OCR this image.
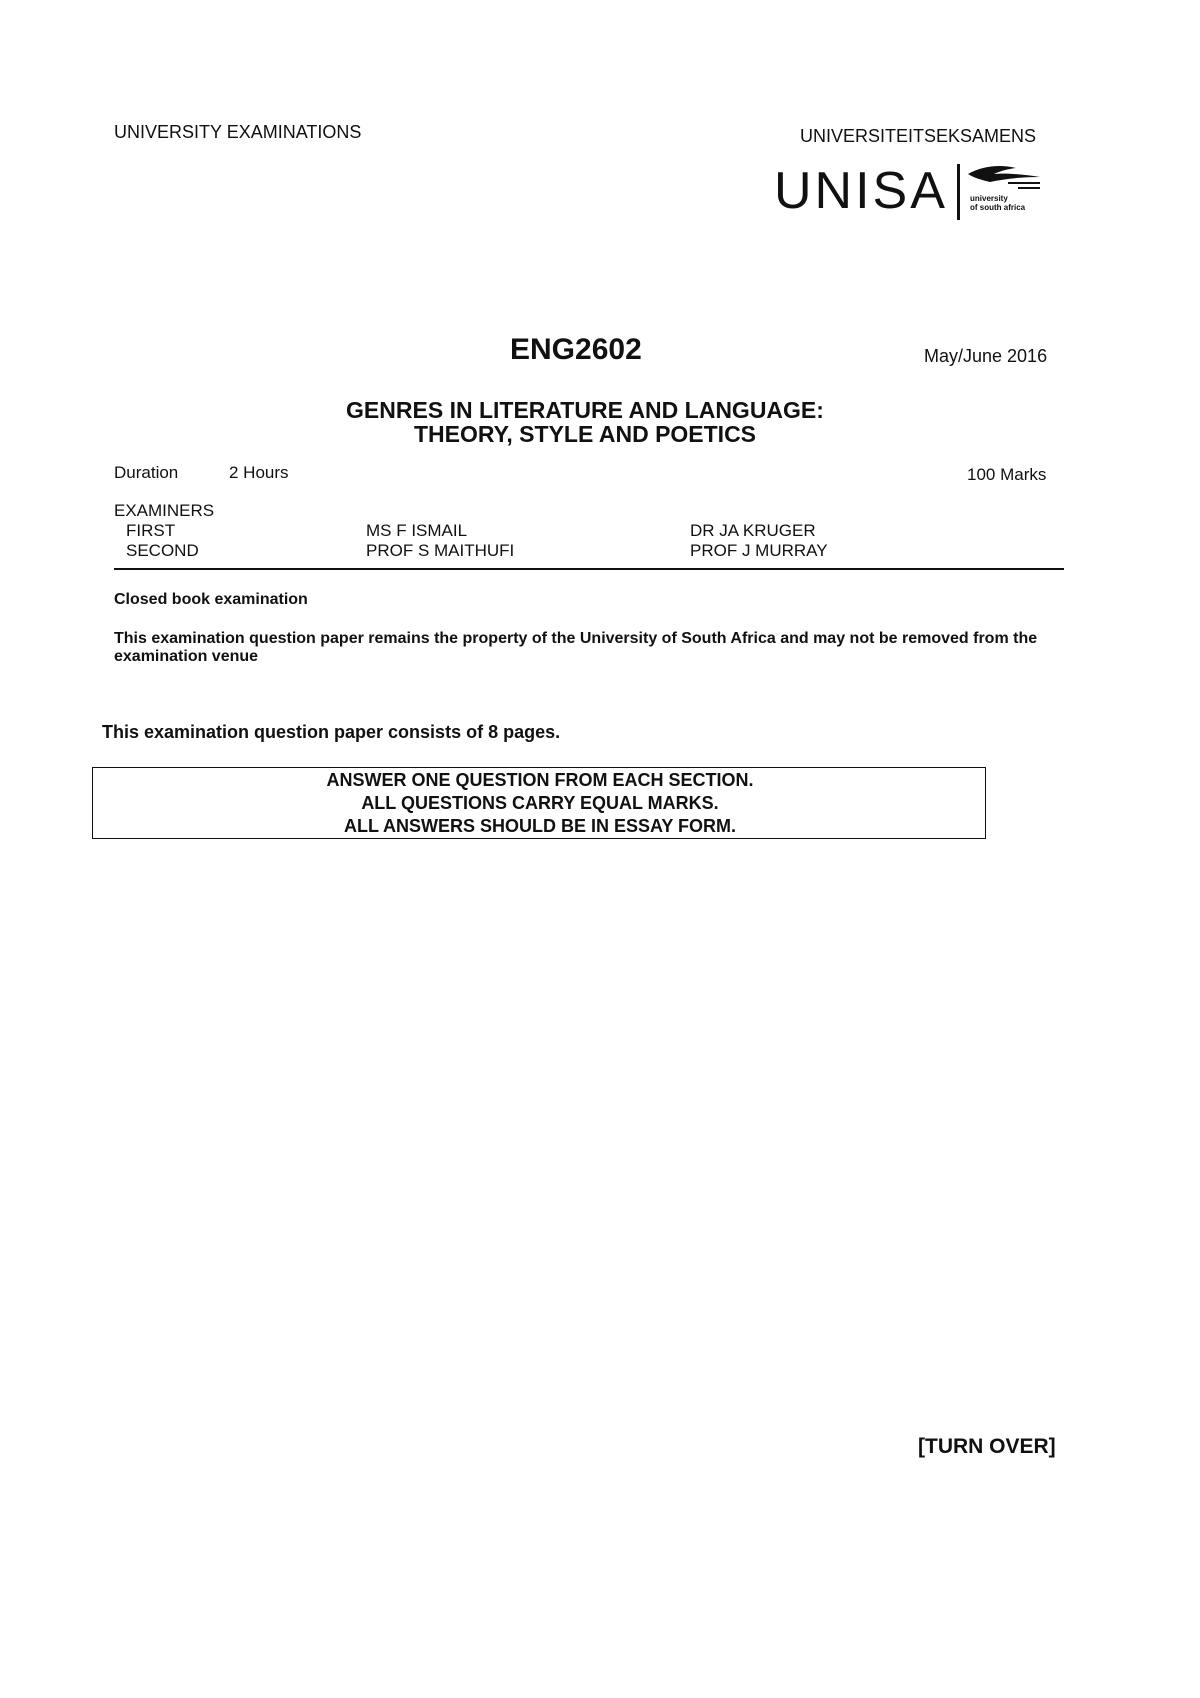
UNIVERSITY EXAMINATIONS	UNIVERSITEITSEKSAMENS
UNISA	university
of south africa
ENG2602	May/June 2016
GENRES IN LITERATURE AND LANGUAGE:
THEORY, STYLE AND POETICS
Duration	2 Hours	100 Marks
EXAMINERS
FIRST	MS F ISMAIL	DR JA KRUGER
SECOND	PROF S MAITHUFI	PROF J MURRAY
Closed book examination
This examination question paper remains the property of the University of South Africa and may not be removed from the examination venue
This examination question paper consists of 8 pages.
ANSWER ONE QUESTION FROM EACH SECTION.
ALL QUESTIONS CARRY EQUAL MARKS.
ALL ANSWERS SHOULD BE IN ESSAY FORM.
[TURN OVER]
